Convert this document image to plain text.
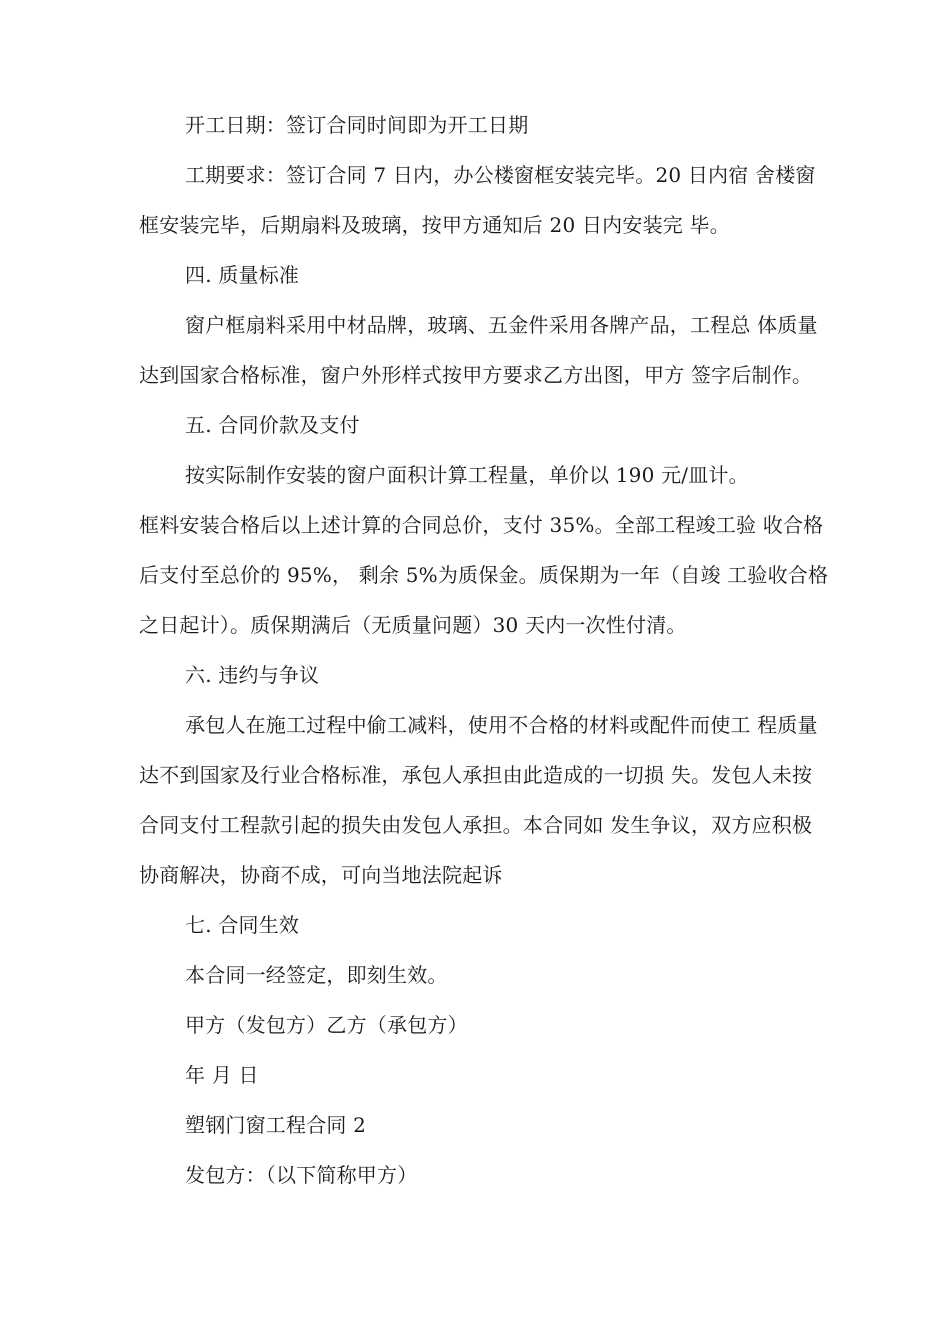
开工日期：签订合同时间即为开工日期
工期要求：签订合同 7 日内，办公楼窗框安装完毕。20 日内宿 舍楼窗
框安装完毕，后期扇料及玻璃，按甲方通知后 20 日内安装完 毕。
四. 质量标准
窗户框扇料采用中材品牌，玻璃、五金件采用各牌产品，工程总 体质量
达到国家合格标准，窗户外形样式按甲方要求乙方出图，甲方 签字后制作。
五. 合同价款及支付
按实际制作安装的窗户面积计算工程量，单价以 190 元/皿计。
框料安装合格后以上述计算的合同总价，支付 35%。全部工程竣工验 收合格
后支付至总价的 95%， 剩余 5%为质保金。质保期为一年（自竣 工验收合格
之日起计）。质保期满后（无质量问题）30 天内一次性付清。
六. 违约与争议
承包人在施工过程中偷工减料，使用不合格的材料或配件而使工 程质量
达不到国家及行业合格标准，承包人承担由此造成的一切损 失。发包人未按
合同支付工程款引起的损失由发包人承担。本合同如 发生争议，双方应积极
协商解决，协商不成，可向当地法院起诉
七. 合同生效
本合同一经签定，即刻生效。
甲方（发包方）乙方（承包方）
年 月 日
塑钢门窗工程合同 2
发包方：（以下简称甲方）
